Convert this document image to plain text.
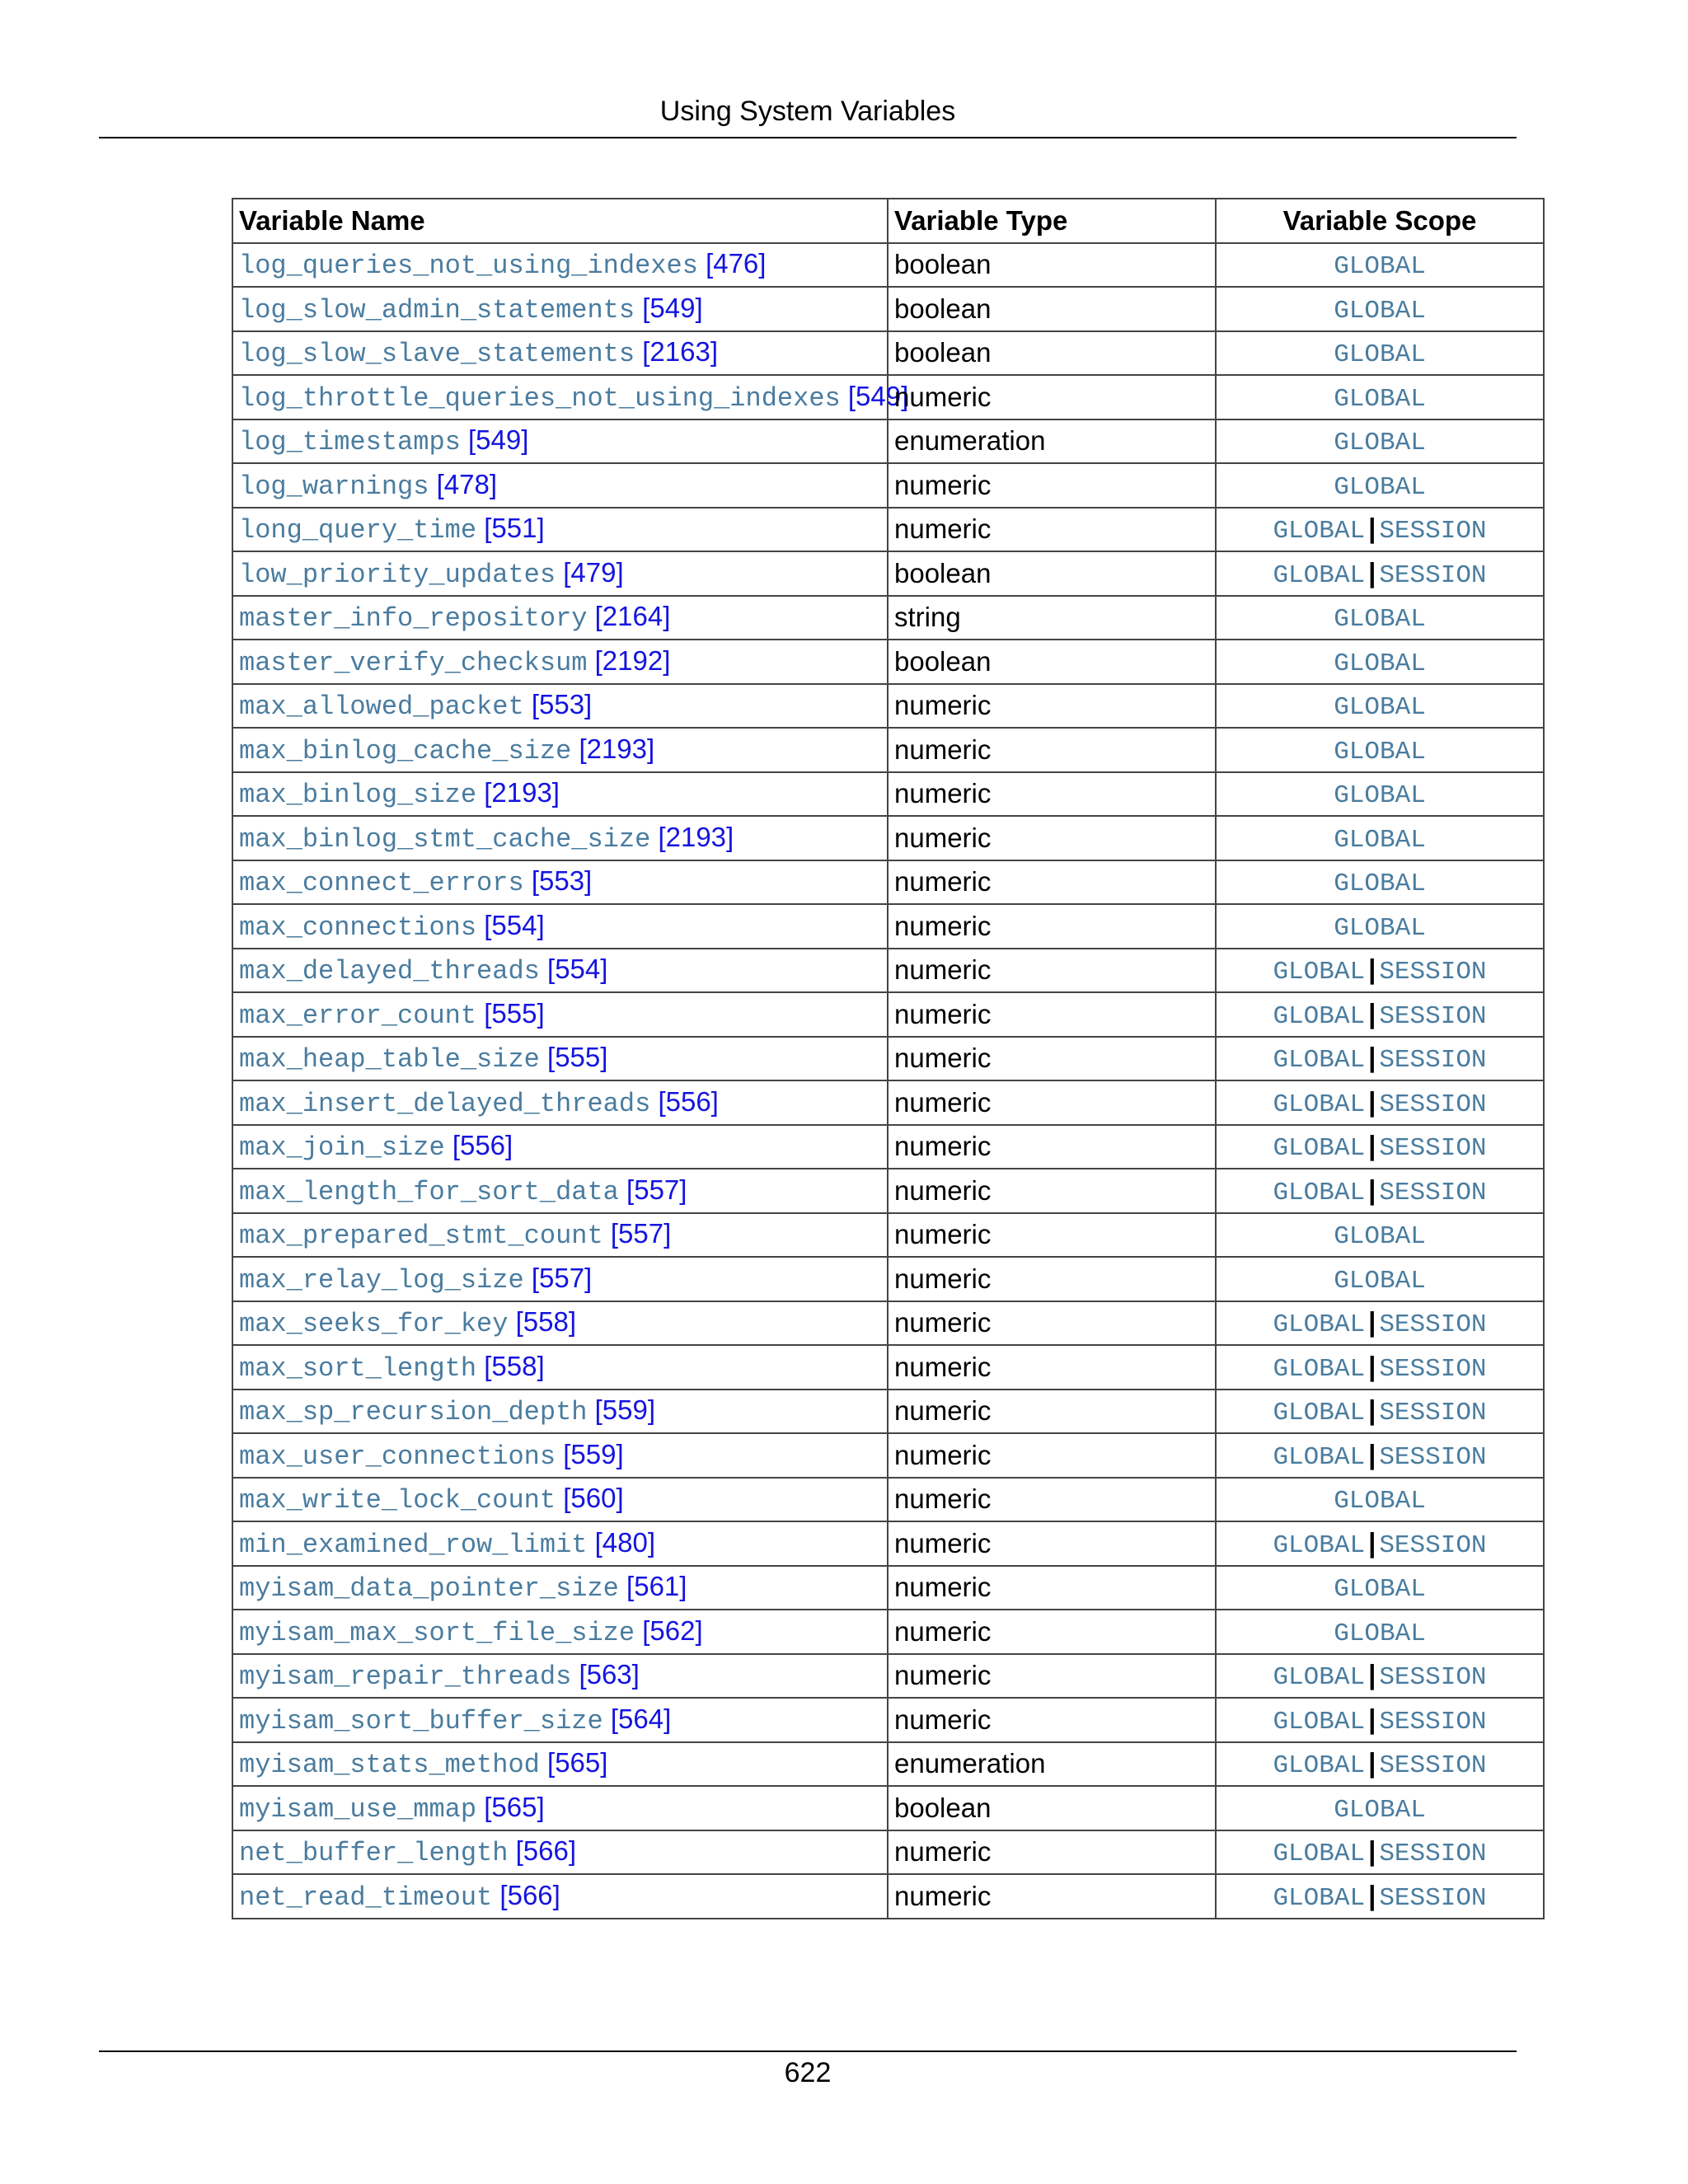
Using System Variables
Variable Name	Variable Type	Variable Scope
log_queries_not_using_indexes [476]	boolean	GLOBAL
log_slow_admin_statements [549]	boolean	GLOBAL
log_slow_slave_statements [2163]	boolean	GLOBAL
log_throttle_queries_not_using_indexes [549]	numeric	GLOBAL
log_timestamps [549]	enumeration	GLOBAL
log_warnings [478]	numeric	GLOBAL
long_query_time [551]	numeric	GLOBAL | SESSION
low_priority_updates [479]	boolean	GLOBAL | SESSION
master_info_repository [2164]	string	GLOBAL
master_verify_checksum [2192]	boolean	GLOBAL
max_allowed_packet [553]	numeric	GLOBAL
max_binlog_cache_size [2193]	numeric	GLOBAL
max_binlog_size [2193]	numeric	GLOBAL
max_binlog_stmt_cache_size [2193]	numeric	GLOBAL
max_connect_errors [553]	numeric	GLOBAL
max_connections [554]	numeric	GLOBAL
max_delayed_threads [554]	numeric	GLOBAL | SESSION
max_error_count [555]	numeric	GLOBAL | SESSION
max_heap_table_size [555]	numeric	GLOBAL | SESSION
max_insert_delayed_threads [556]	numeric	GLOBAL | SESSION
max_join_size [556]	numeric	GLOBAL | SESSION
max_length_for_sort_data [557]	numeric	GLOBAL | SESSION
max_prepared_stmt_count [557]	numeric	GLOBAL
max_relay_log_size [557]	numeric	GLOBAL
max_seeks_for_key [558]	numeric	GLOBAL | SESSION
max_sort_length [558]	numeric	GLOBAL | SESSION
max_sp_recursion_depth [559]	numeric	GLOBAL | SESSION
max_user_connections [559]	numeric	GLOBAL | SESSION
max_write_lock_count [560]	numeric	GLOBAL
min_examined_row_limit [480]	numeric	GLOBAL | SESSION
myisam_data_pointer_size [561]	numeric	GLOBAL
myisam_max_sort_file_size [562]	numeric	GLOBAL
myisam_repair_threads [563]	numeric	GLOBAL | SESSION
myisam_sort_buffer_size [564]	numeric	GLOBAL | SESSION
myisam_stats_method [565]	enumeration	GLOBAL | SESSION
myisam_use_mmap [565]	boolean	GLOBAL
net_buffer_length [566]	numeric	GLOBAL | SESSION
net_read_timeout [566]	numeric	GLOBAL | SESSION
622
